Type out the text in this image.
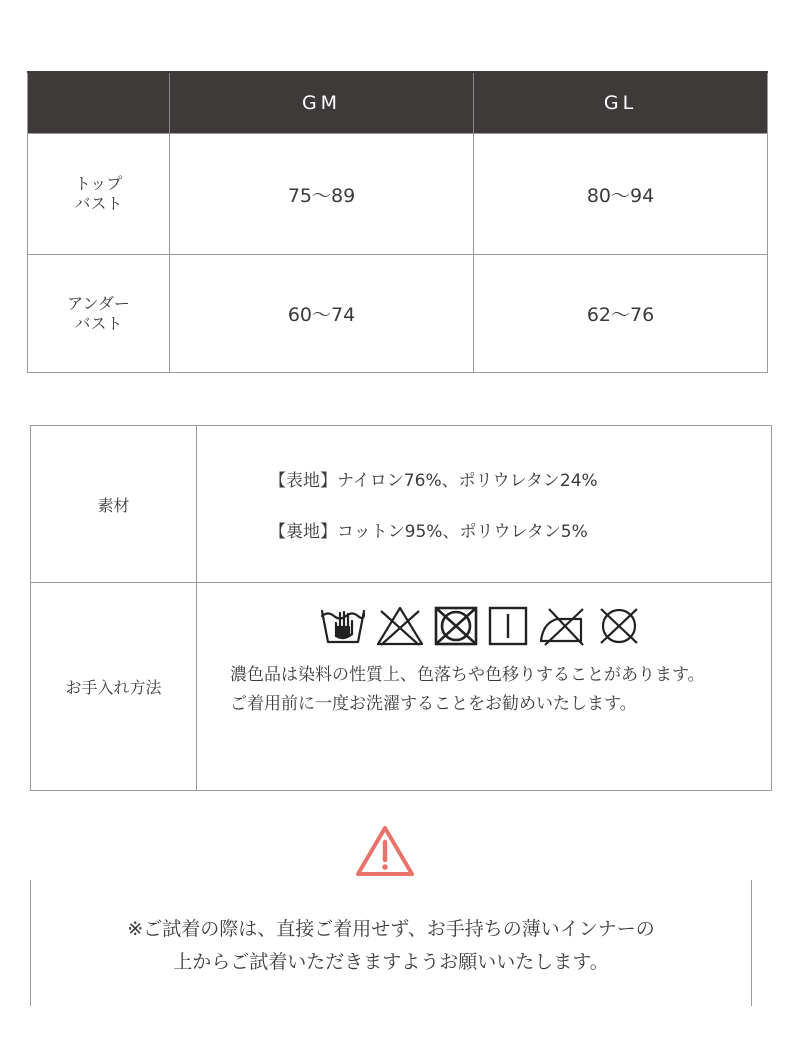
	GM	GL

トップ
バスト	75〜89	80〜94

アンダー
バスト	60〜74	62〜76
素材	【表地】ナイロン76%、ポリウレタン24%
【裏地】コットン95%、ポリウレタン5%

お手入れ方法	濃色品は染料の性質上、色落ちや色移りすることがあります。
ご着用前に一度お洗濯することをお勧めいたします。
※ご試着の際は、直接ご着用せず、お手持ちの薄いインナーの
上からご試着いただきますようお願いいたします。
